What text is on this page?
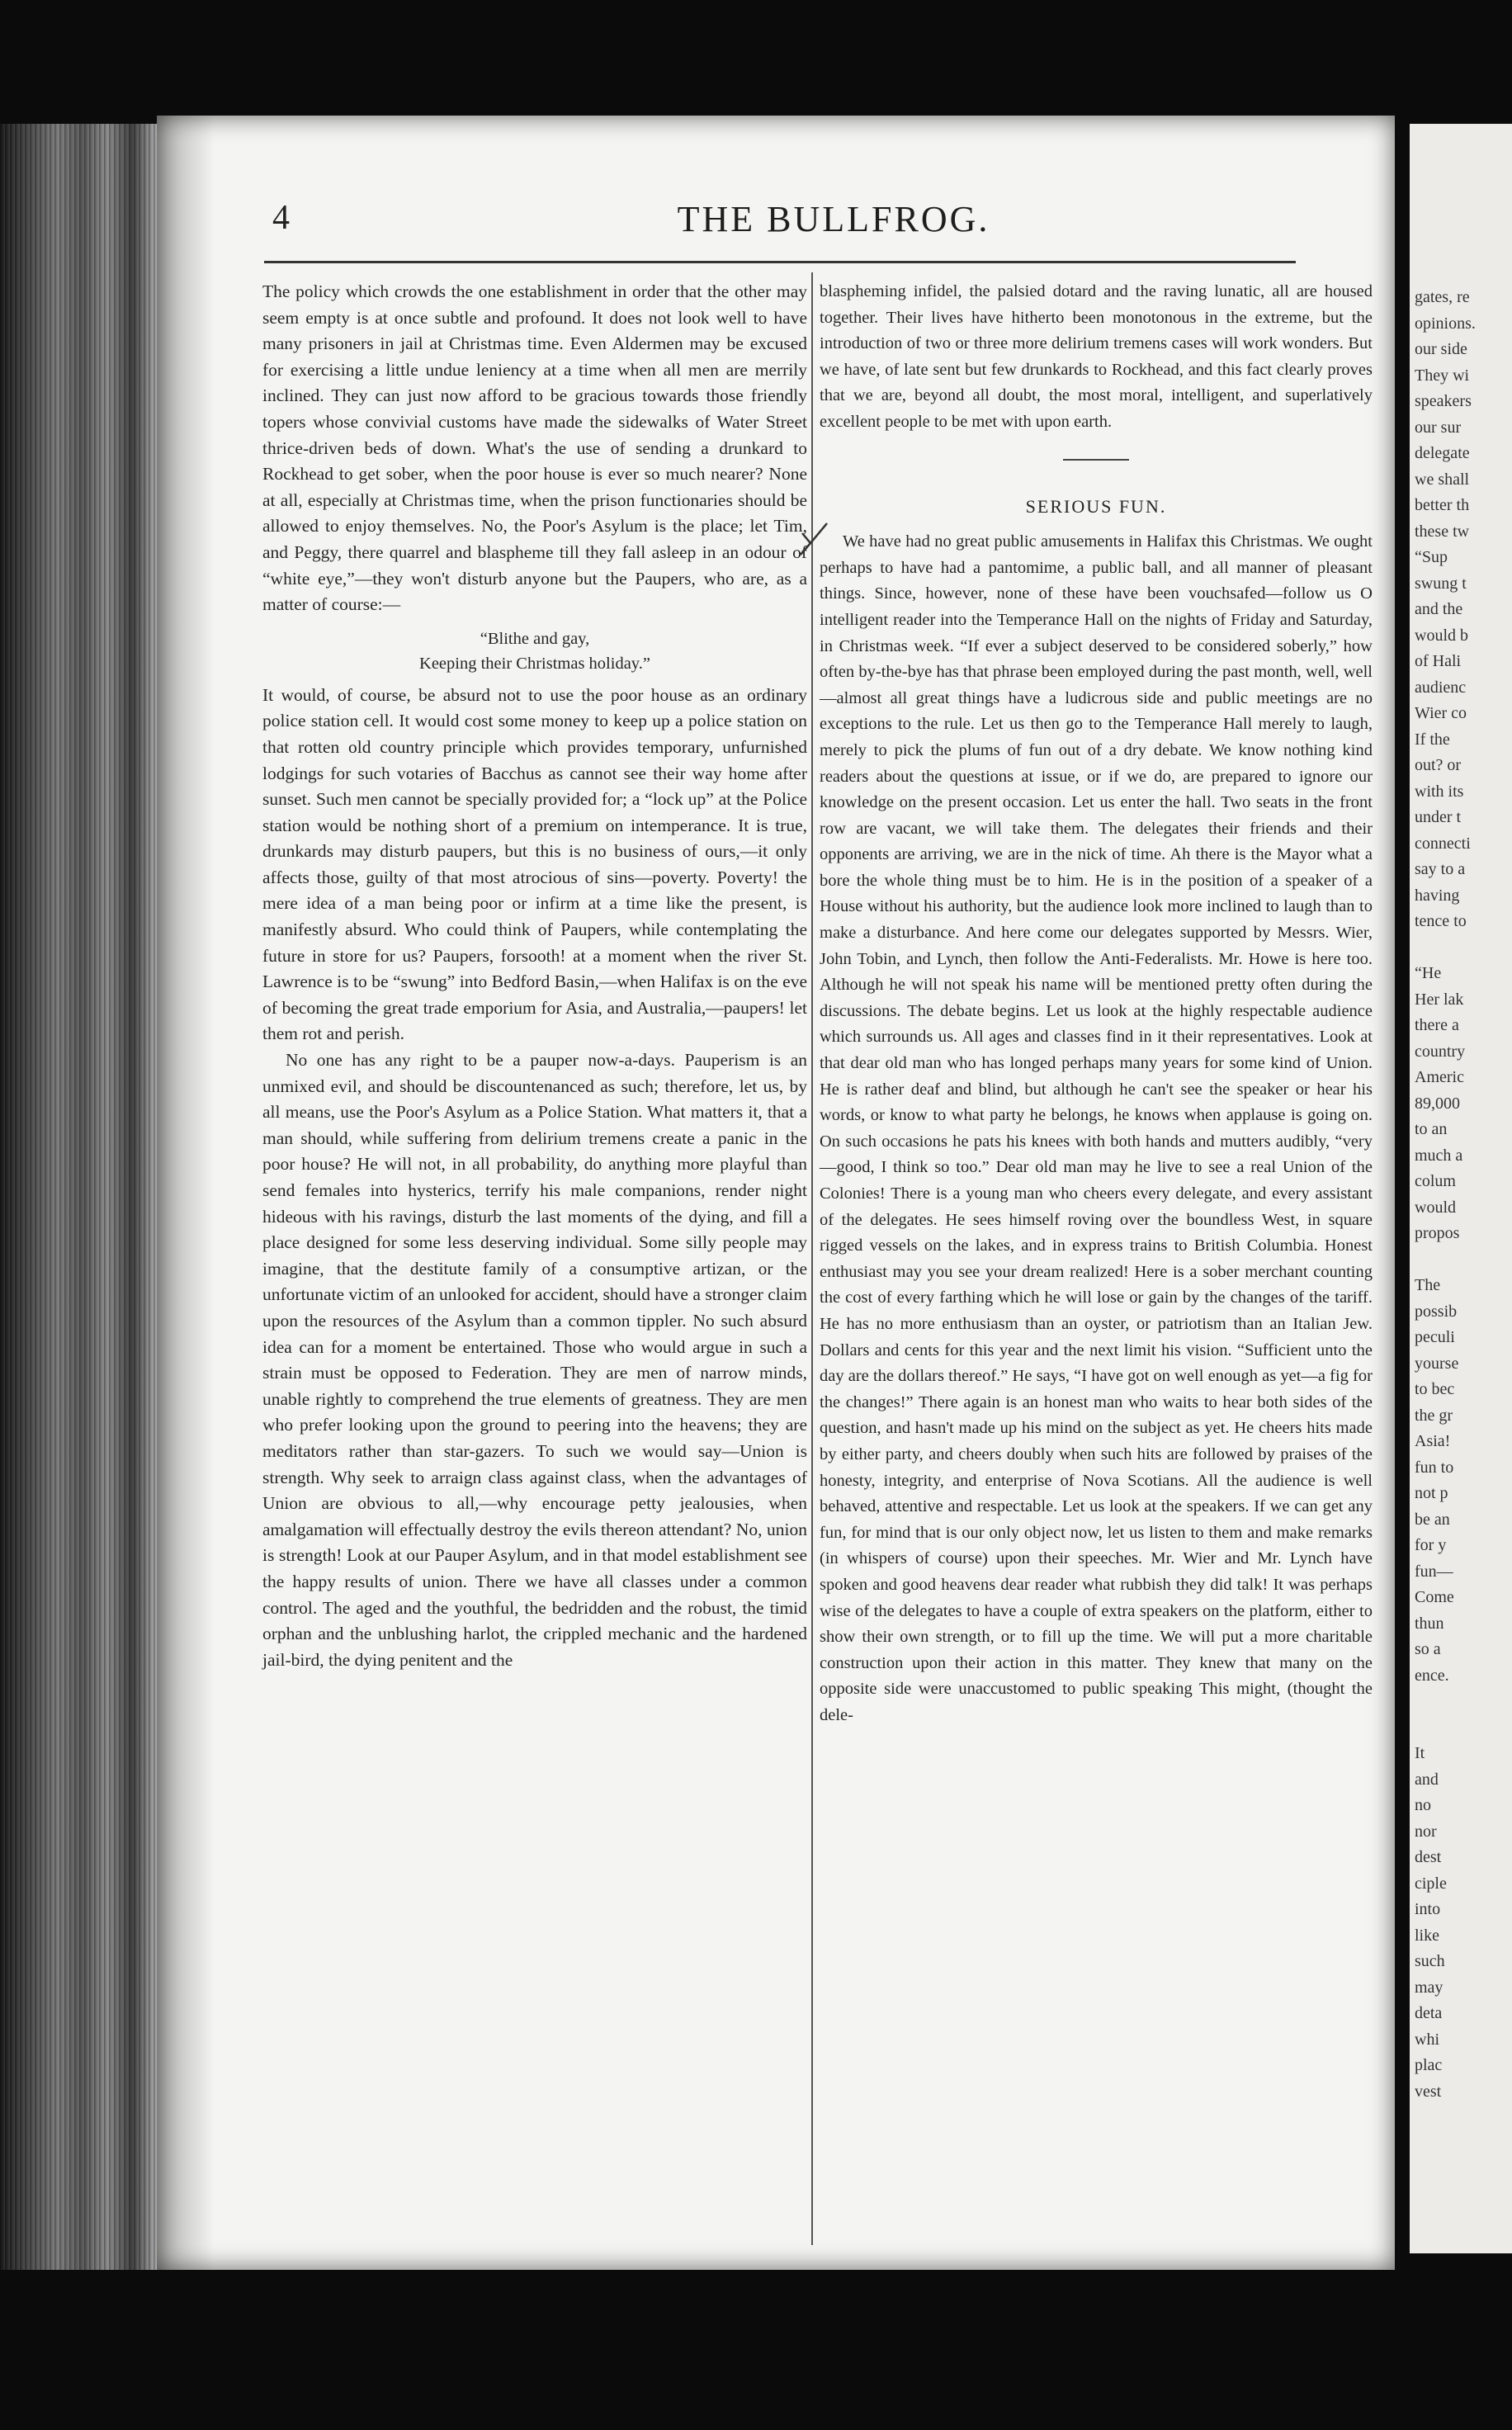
4	THE BULLFROG.

The policy which crowds the one establishment in order that the other may seem empty is at once subtle and profound. It does not look well to have many prisoners in jail at Christmas time. Even Aldermen may be excused for exercising a little undue leniency at a time when all men are merrily inclined. They can just now afford to be gracious towards those friendly topers whose convivial customs have made the sidewalks of Water Street thrice-driven beds of down. What's the use of sending a drunkard to Rockhead to get sober, when the poor house is ever so much nearer? None at all, especially at Christmas time, when the prison functionaries should be allowed to enjoy themselves. No, the Poor's Asylum is the place; let Tim, and Peggy, there quarrel and blaspheme till they fall asleep in an odour of “white eye,”—they won't disturb anyone but the Paupers, who are, as a matter of course:—

“Blithe and gay,
Keeping their Christmas holiday.”

It would, of course, be absurd not to use the poor house as an ordinary police station cell. It would cost some money to keep up a police station on that rotten old country principle which provides temporary, unfurnished lodgings for such votaries of Bacchus as cannot see their way home after sunset. Such men cannot be specially provided for; a “lock up” at the Police station would be nothing short of a premium on intemperance. It is true, drunkards may disturb paupers, but this is no business of ours,—it only affects those, guilty of that most atrocious of sins—poverty. Poverty! the mere idea of a man being poor or infirm at a time like the present, is manifestly absurd. Who could think of Paupers, while contemplating the future in store for us? Paupers, forsooth! at a moment when the river St. Lawrence is to be “swung” into Bedford Basin,—when Halifax is on the eve of becoming the great trade emporium for Asia, and Australia,—paupers! let them rot and perish.

No one has any right to be a pauper now-a-days. Pauperism is an unmixed evil, and should be discountenanced as such; therefore, let us, by all means, use the Poor's Asylum as a Police Station. What matters it, that a man should, while suffering from delirium tremens create a panic in the poor house? He will not, in all probability, do anything more playful than send females into hysterics, terrify his male companions, render night hideous with his ravings, disturb the last moments of the dying, and fill a place designed for some less deserving individual. Some silly people may imagine, that the destitute family of a consumptive artizan, or the unfortunate victim of an unlooked for accident, should have a stronger claim upon the resources of the Asylum than a common tippler. No such absurd idea can for a moment be entertained. Those who would argue in such a strain must be opposed to Federation. They are men of narrow minds, unable rightly to comprehend the true elements of greatness. They are men who prefer looking upon the ground to peering into the heavens; they are meditators rather than star-gazers. To such we would say—Union is strength. Why seek to arraign class against class, when the advantages of Union are obvious to all,—why encourage petty jealousies, when amalgamation will effectually destroy the evils thereon attendant? No, union is strength! Look at our Pauper Asylum, and in that model establishment see the happy results of union. There we have all classes under a common control. The aged and the youthful, the bedridden and the robust, the timid orphan and the unblushing harlot, the crippled mechanic and the hardened jail-bird, the dying penitent and the

blaspheming infidel, the palsied dotard and the raving lunatic, all are housed together. Their lives have hitherto been monotonous in the extreme, but the introduction of two or three more delirium tremens cases will work wonders. But we have, of late sent but few drunkards to Rockhead, and this fact clearly proves that we are, beyond all doubt, the most moral, intelligent, and superlatively excellent people to be met with upon earth.

SERIOUS FUN.

We have had no great public amusements in Halifax this Christmas. We ought perhaps to have had a pantomime, a public ball, and all manner of pleasant things. Since, however, none of these have been vouchsafed—follow us O intelligent reader into the Temperance Hall on the nights of Friday and Saturday, in Christmas week. “If ever a subject deserved to be considered soberly,” how often by-the-bye has that phrase been employed during the past month, well, well—almost all great things have a ludicrous side and public meetings are no exceptions to the rule. Let us then go to the Temperance Hall merely to laugh, merely to pick the plums of fun out of a dry debate. We know nothing kind readers about the questions at issue, or if we do, are prepared to ignore our knowledge on the present occasion. Let us enter the hall. Two seats in the front row are vacant, we will take them. The delegates their friends and their opponents are arriving, we are in the nick of time. Ah there is the Mayor what a bore the whole thing must be to him. He is in the position of a speaker of a House without his authority, but the audience look more inclined to laugh than to make a disturbance. And here come our delegates supported by Messrs. Wier, John Tobin, and Lynch, then follow the Anti-Federalists. Mr. Howe is here too. Although he will not speak his name will be mentioned pretty often during the discussions. The debate begins. Let us look at the highly respectable audience which surrounds us. All ages and classes find in it their representatives. Look at that dear old man who has longed perhaps many years for some kind of Union. He is rather deaf and blind, but although he can't see the speaker or hear his words, or know to what party he belongs, he knows when applause is going on. On such occasions he pats his knees with both hands and mutters audibly, “very—good, I think so too.” Dear old man may he live to see a real Union of the Colonies! There is a young man who cheers every delegate, and every assistant of the delegates. He sees himself roving over the boundless West, in square rigged vessels on the lakes, and in express trains to British Columbia. Honest enthusiast may you see your dream realized! Here is a sober merchant counting the cost of every farthing which he will lose or gain by the changes of the tariff. He has no more enthusiasm than an oyster, or patriotism than an Italian Jew. Dollars and cents for this year and the next limit his vision. “Sufficient unto the day are the dollars thereof.” He says, “I have got on well enough as yet—a fig for the changes!” There again is an honest man who waits to hear both sides of the question, and hasn't made up his mind on the subject as yet. He cheers hits made by either party, and cheers doubly when such hits are followed by praises of the honesty, integrity, and enterprise of Nova Scotians. All the audience is well behaved, attentive and respectable. Let us look at the speakers. If we can get any fun, for mind that is our only object now, let us listen to them and make remarks (in whispers of course) upon their speeches. Mr. Wier and Mr. Lynch have spoken and good heavens dear reader what rubbish they did talk! It was perhaps wise of the delegates to have a couple of extra speakers on the platform, either to show their own strength, or to fill up the time. We will put a more charitable construction upon their action in this matter. They knew that many on the opposite side were unaccustomed to public speaking This might, (thought the dele-

gates, re
opinions.
our side
They wi
speakers
our sur
delegate
we shall
better th
these tw
“Sup
swung t
and the
would b
of Hali
audienc
Wier co
If the
out? or
with its
under t
connecti
say to a
having
tence to

“He
Her lak
there a
country
Americ
89,000
to an
much a
colum
would
propos

The
possib
peculi
yourse
to bec
the gr
Asia!
fun to
not p
be an
for y
fun—
Come
thun
so a
ence.

It
and
no
nor
dest
ciple
into
like
such
may
deta
whi
plac
vest
